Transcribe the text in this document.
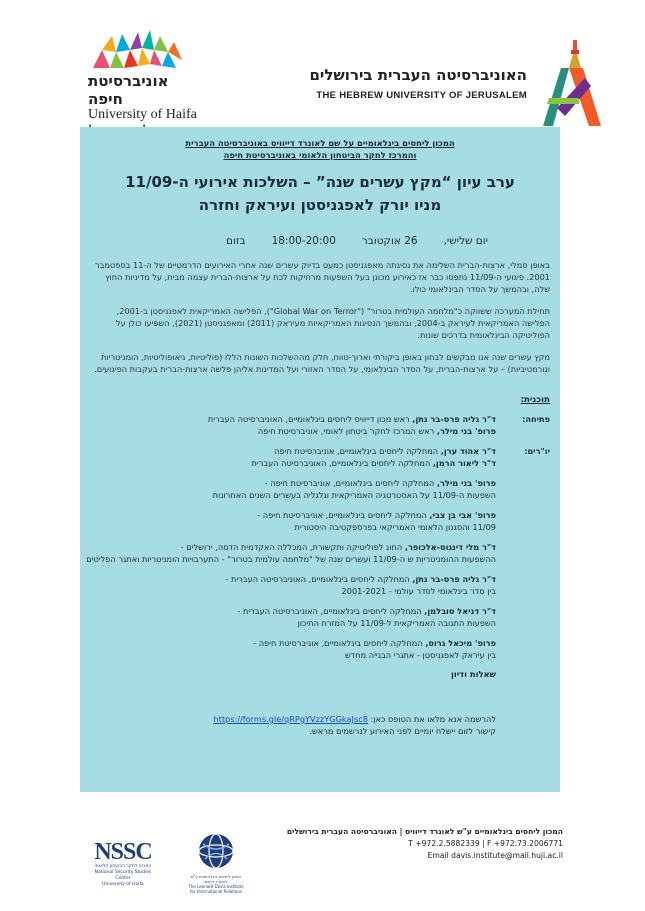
אוניברסיטת חיפה
University of Haifa
האוניברסיטה העברית בירושלים
THE HEBREW UNIVERSITY OF JERUSALEM
המכון ליחסים בינלאומיים על שם לאונרד דייוויס באוניברסיטה העברית
והמרכז לחקר הביטחון הלאומי באוניברסיטת חיפה
ערב עיון “מקץ עשרים שנה” – השלכות אירועי ה-11/09
מניו יורק לאפגניסטן ועיראק וחזרה
יום שלישי,26 אוקטובר18:00-20:00בזום
באופן סמלי, ארצות-הברית השלימה את נסיגתה מאפגניסטן כמעט בדיוק עשרים שנה אחרי האירועים הדרמטיים של ה-11 בספטמבר 2001. פיגועי ה-11/09 נתפסו כבר אז כאירוע מכונן בעל השפעות מרחיקות לכת על ארצות-הברית עצמה מבית, על מדיניות החוץ שלה, ובהמשך על הסדר הבינלאומי כולו.
תחילת המערכה ששווקה כ"מלחמה העולמית בטרור" ("Global War on Terror"), הפלישה האמריקאית לאפגניסטן ב-2001, הפלישה האמריקאית לעיראק ב-2004, ובהמשך הנסיגות האמריקאיות מעיראק (2011) ומאפגניסטן (2021), השפיעו כולן על הפוליטיקה הבינלאומית בדרכים שונות.
מקץ עשרים שנה אנו מבקשים לבחון באופן ביקורתי וארוך-טווח, חלק מההשלכות השונות הללו (פוליטיות, גיאופוליטיות, הומניטריות ונורמטיביות) – על ארצות-הברית, על הסדר הבינלאומי, על הסדר האזורי ועל המדינות אליהן פלשה ארצות-הברית בעקבות הפיגועים.
תוכנית:
פתיחה:
ד"ר גליה פרס-בר נתן, ראש מכון דייוויס ליחסים בינלאומיים, האוניברסיטה העברית
פרופ' בני מילר, ראש המרכז לחקר ביטחון לאומי, אוניברסיטת חיפה
יו"רים:
ד"ר אהוד ערן, המחלקה ליחסים בינלאומיים, אוניברסיטת חיפה
ד"ר ליאור הרמן, המחלקה ליחסים בינלאומיים, האוניברסיטה העברית
פרופ' בני מילר, המחלקה ליחסים בינלאומיים, אוניברסיטת חיפה -
השפעות ה-11/09 על האסטרטגיה האמריקאית וגלגליה בעשרים השנים האחרונות
פרופ' אבי בן צבי, המחלקה ליחסים בינלאומיים, אוניברסיטת חיפה -
11/09 והסגנון הלאומי האמריקאי בפרספקטיבה היסטורית
ד"ר מלי דינגוס-אלכופר, החוג לפוליטיקה ותקשורת, המכללה האקדמית הדסה, ירושלים -
ההשפעות ההומניטריות ש ה-11/09 ועשרים שנה של "מלחמה עולמית בטרור" - התערבויות הומניטריות ואתגר הפליטים
ד"ר גליה פרס-בר נתן, המחלקה ליחסים בינלאומיים, האוניברסיטה העברית -
בין סדר בינלאומי לסדר עולמי - 2001-2021
ד"ר דניאל סובלמן, המחלקה ליחסים בינלאומיים, האוניברסיטה העברית -
השפעות התגובה האמריקאית ל-11/09 על המזרח התיכון
פרופ' מיכאל גרוס, המחלקה ליחסים בינלאומיים, אוניברסיטת חיפה -
בין עיראק לאפגניסטן - אתגרי הבנייה מחדש
שאלות ודיון
להרשמה אנא מלאו את הטופס כאן: https://forms.gle/qRPgYVzzYGGkaJsc8
קישור לזום יישלח יומיים לפני האירוע לנרשמים מראש.
המכון ליחסים בינלאומיים ע"ש לאונרד דייוויס | האוניברסיטה העברית בירושלים
T +972.2.5882339 | F +972.73.2006771
Email davis.institute@mail.huji.ac.il
NSSC
המרכז לחקר הביטחון הלאומי
National Security Studies Center
University of Haifa
המכון ליחסים בינלאומיים ע"ש לאונרד דייוויס
The Leonard Davis Institute for International Relations
